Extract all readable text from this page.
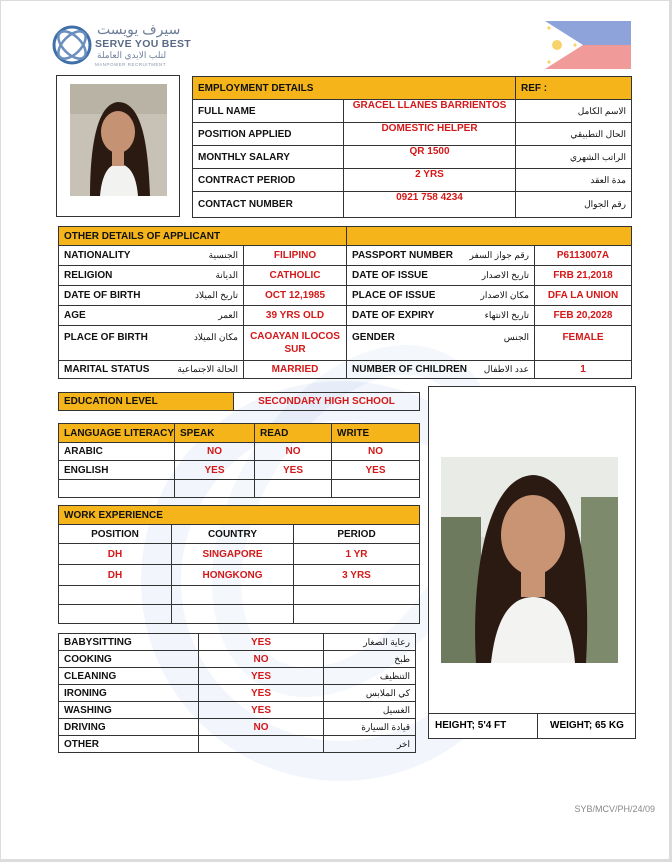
سيرف يويست
SERVE YOU BEST
لتلب الايدي العاملة
MANPOWER RECRUITMENT
EMPLOYMENT DETAILS		REF :
FULL NAME	GRACEL LLANES BARRIENTOS	الاسم الكامل
POSITION APPLIED	DOMESTIC HELPER	الحال التطبيقي
MONTHLY SALARY	QR 1500	الراتب الشهري
CONTRACT PERIOD	2 YRS	مدة العقد
CONTACT NUMBER	0921 758 4234	رقم الجوال
OTHER DETAILS OF APPLICANT			

NATIONALITY الجنسية	FILIPINO	PASSPORT NUMBER رقم جواز السفر	P6113007A

RELIGION الديانة	CATHOLIC	DATE OF ISSUE تاريخ الاصدار	FRB 21,2018

DATE OF BIRTH تاريخ الميلاد	OCT 12,1985	PLACE OF ISSUE مكان الاصدار	DFA LA UNION

AGE العمر	39 YRS OLD	DATE OF EXPIRY تاريخ الانتهاء	FEB 20,2028

PLACE OF BIRTH مكان الميلاد	CAOAYAN ILOCOS SUR	GENDER الجنس	FEMALE

MARITAL STATUS الحالة الاجتماعية	MARRIED	NUMBER OF CHILDREN عدد الاطفال	1
EDUCATION LEVEL	SECONDARY HIGH SCHOOL
LANGUAGE LITERACY	SPEAK	READ	WRITE
ARABIC	NO	NO	NO
ENGLISH	YES	YES	YES

WORK EXPERIENCE		
POSITION	COUNTRY	PERIOD
DH	SINGAPORE	1 YR
DH	HONGKONG	3 YRS

BABYSITTING	YES	رعاية الصغار
COOKING	NO	طبخ
CLEANING	YES	التنظيف
IRONING	YES	كي الملابس
WASHING	YES	الغسيل
DRIVING	NO	قيادة السيارة
OTHER		اخر
HEIGHT; 5'4 FT	WEIGHT; 65 KG
SYB/MCV/PH/24/09
